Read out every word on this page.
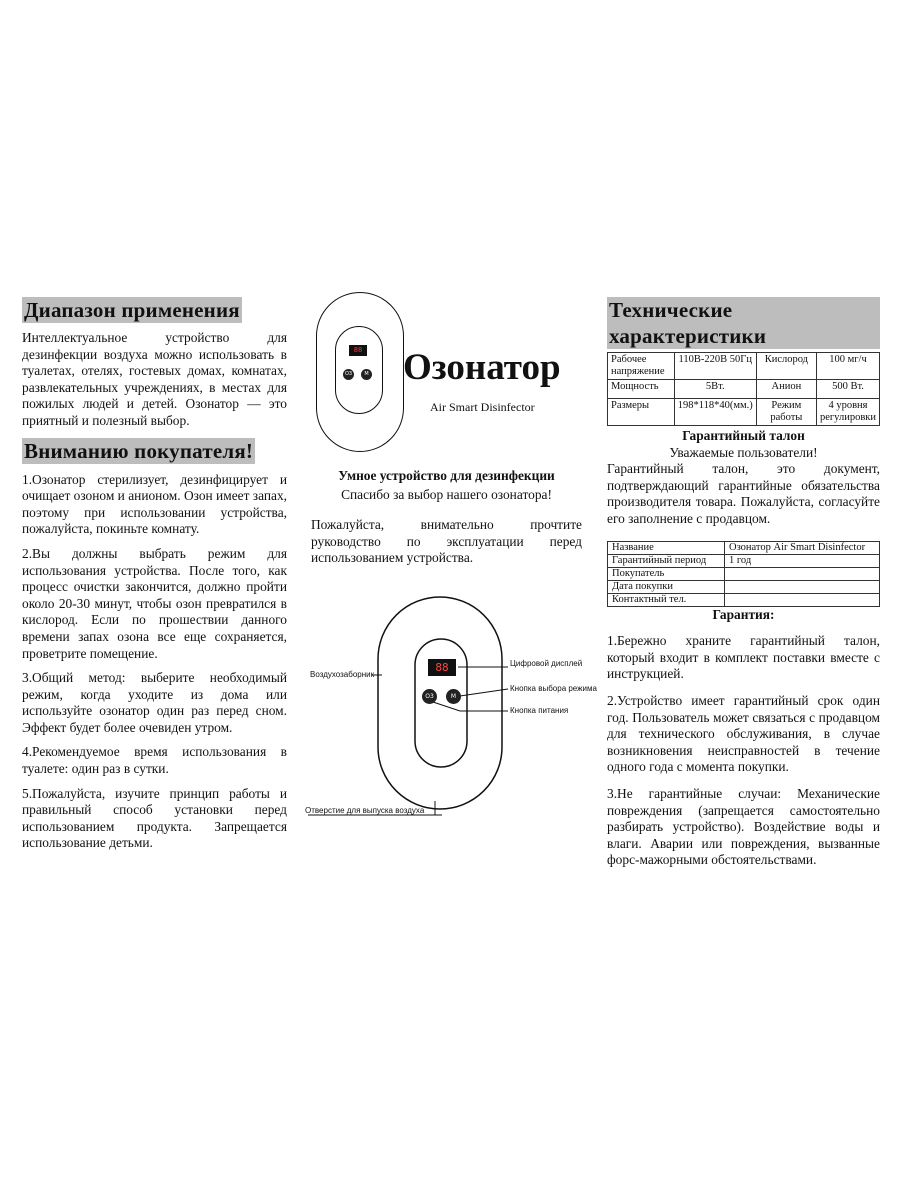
Диапазон применения

Интеллектуальное устройство для дезинфекции воздуха можно использовать в туалетах, отелях, гостевых домах, комнатах, развлекательных учреждениях, в местах для пожилых людей и детей. Озонатор — это приятный и полезный выбор.

Вниманию покупателя!

1.Озонатор стерилизует, дезинфицирует и очищает озоном и анионом. Озон имеет запах, поэтому при использовании устройства, пожалуйста, покиньте комнату.

2.Вы должны выбрать режим для использования устройства. После того, как процесс очистки закончится, должно пройти около 20-30 минут, чтобы озон превратился в кислород. Если по прошествии данного времени запах озона все еще сохраняется, проветрите помещение.

3.Общий метод: выберите необходимый режим, когда уходите из дома или используйте озонатор один раз перед сном. Эффект будет более очевиден утром.

4.Рекомендуемое время использования в туалете: один раз в сутки.

5.Пожалуйста, изучите принцип работы и правильный способ установки перед использованием продукта. Запрещается использование детьми.

88
O3	M Озонатор
Air Smart Disinfector

Умное устройство для дезинфекции

Спасибо за выбор нашего озонатора!

Пожалуйста, внимательно прочтите руководство по эксплуатации перед использованием устройства.

88
O3	M
Воздухозаборник
Цифровой дисплей
Кнопка выбора режима
Кнопка питания
Отверстие для выпуска воздуха
Технические характеристики
Рабочее напряжение	110В-220В 50Гц	Кислород	100 мг/ч
Мощность	5Вт.	Анион	500 Вт.
Размеры	198*118*40(мм.)	Режим работы	4 уровня регулировки

Гарантийный талон

Уважаемые пользователи!

Гарантийный талон, это документ, подтверждающий гарантийные обязательства производителя товара. Пожалуйста, согласуйте его заполнение с продавцом.

Название	Озонатор Air Smart Disinfector
Гарантийный период	1 год
Покупатель	
Дата покупки	
Контактный тел.	

Гарантия:

1.Бережно храните гарантийный талон, который входит в комплект поставки вместе с инструкцией.

2.Устройство имеет гарантийный срок один год. Пользователь может связаться с продавцом для технического обслуживания, в случае возникновения неисправностей в течение одного года с момента покупки.

3.Не гарантийные случаи: Механические повреждения (запрещается самостоятельно разбирать устройство). Воздействие воды и влаги. Аварии или повреждения, вызванные форс-мажорными обстоятельствами.
